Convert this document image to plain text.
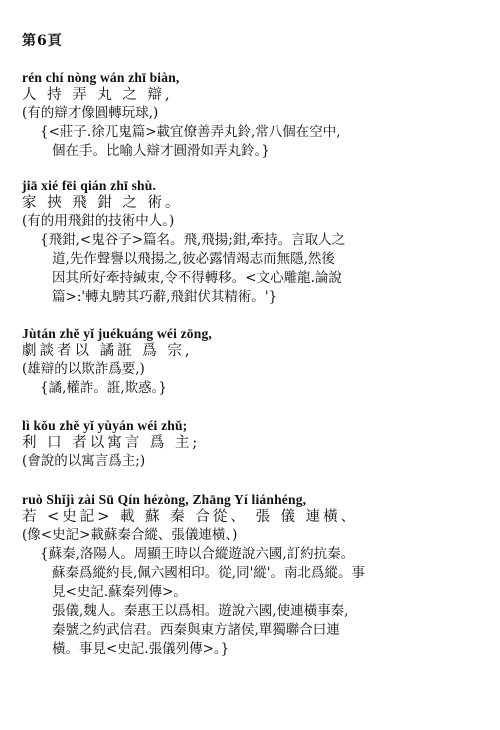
第6頁
rén chí nòng wán zhī biàn,
人 持 弄 丸 之 辯,
(有的辯才像圓轉玩球,)
{<莊子.徐兀鬼篇>載宜僚善弄丸鈴,常八個在空中,
個在手。比喻人辯才圓滑如弄丸鈴。}
jiā xié fēi qián zhī shù.
家 挾 飛 鉗 之 術。
(有的用飛鉗的技術中人。)
{飛鉗,<鬼谷子>篇名。飛,飛揚;鉗,牽持。言取人之
道,先作聲譽以飛揚之,彼必露情竭志而無隱,然後
因其所好牽持緘束,令不得轉移。<文心雕龍.論說
篇>:'轉丸騁其巧辭,飛鉗伏其精術。'}
Jùtán zhě yǐ juékuáng wéi zōng,
劇談者以 譎誑 爲 宗,
(雄辯的以欺詐爲要,)
{譎,權詐。誑,欺惑。}
lì kǒu zhě yǐ yùyán wéi zhǔ;
利 口 者以寓言 爲 主;
(會說的以寓言爲主;)
ruò Shǐjì zài Sū Qín hézòng, Zhāng Yí liánhéng,
若 <史記> 載 蘇 秦 合從、 張 儀 連橫、
(像<史記>載蘇秦合縱、張儀連橫、)
{蘇秦,洛陽人。周顯王時以合縱遊說六國,訂約抗秦。
蘇秦爲縱約長,佩六國相印。從,同'縱'。南北爲縱。事
見<史記.蘇秦列傳>。
張儀,魏人。秦惠王以爲相。遊說六國,使連橫事秦,
秦號之約武信君。西秦與東方諸侯,單獨聯合曰連
橫。事見<史記.張儀列傳>。}
